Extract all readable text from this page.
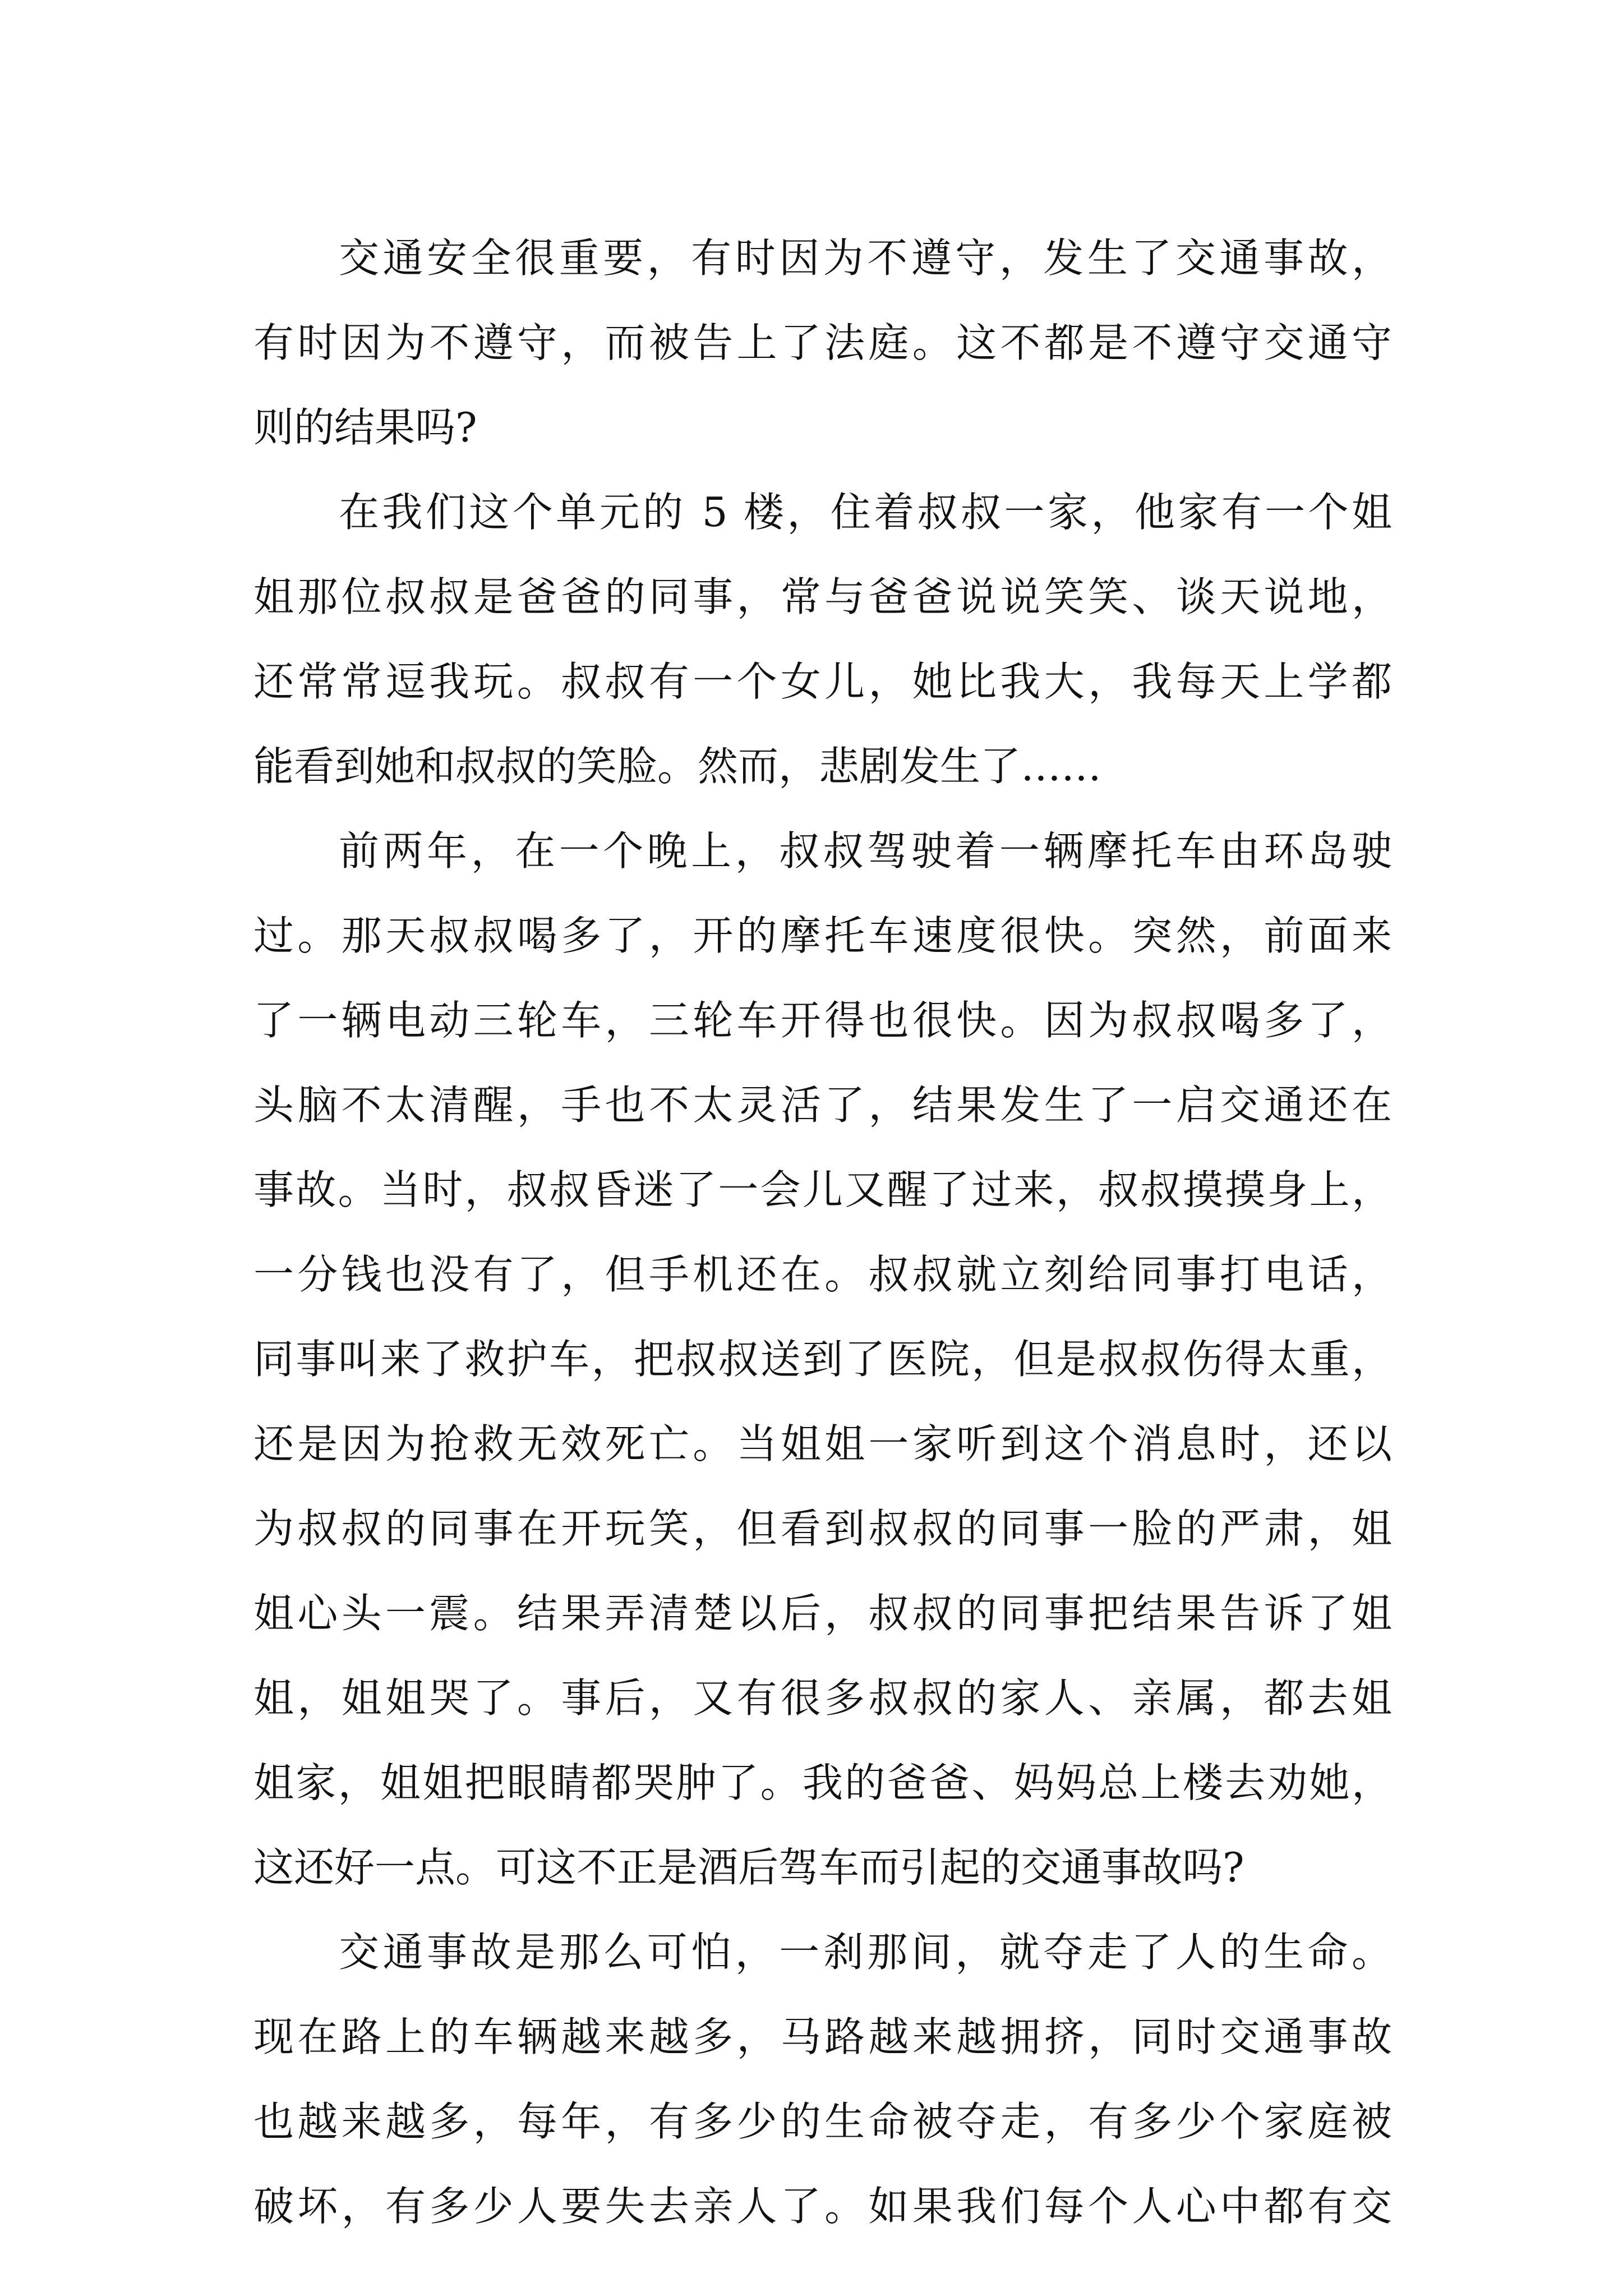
交通安全很重要，有时因为不遵守，发生了交通事故，
有时因为不遵守，而被告上了法庭。这不都是不遵守交通守
则的结果吗?
在我们这个单元的 5 楼，住着叔叔一家，他家有一个姐
姐那位叔叔是爸爸的同事，常与爸爸说说笑笑、谈天说地，
还常常逗我玩。叔叔有一个女儿，她比我大，我每天上学都
能看到她和叔叔的笑脸。然而，悲剧发生了……
前两年，在一个晚上，叔叔驾驶着一辆摩托车由环岛驶
过。那天叔叔喝多了，开的摩托车速度很快。突然，前面来
了一辆电动三轮车，三轮车开得也很快。因为叔叔喝多了，
头脑不太清醒，手也不太灵活了，结果发生了一启交通还在
事故。当时，叔叔昏迷了一会儿又醒了过来，叔叔摸摸身上，
一分钱也没有了，但手机还在。叔叔就立刻给同事打电话，
同事叫来了救护车，把叔叔送到了医院，但是叔叔伤得太重，
还是因为抢救无效死亡。当姐姐一家听到这个消息时，还以
为叔叔的同事在开玩笑，但看到叔叔的同事一脸的严肃，姐
姐心头一震。结果弄清楚以后，叔叔的同事把结果告诉了姐
姐，姐姐哭了。事后，又有很多叔叔的家人、亲属，都去姐
姐家，姐姐把眼睛都哭肿了。我的爸爸、妈妈总上楼去劝她，
这还好一点。可这不正是酒后驾车而引起的交通事故吗?
交通事故是那么可怕，一刹那间，就夺走了人的生命。
现在路上的车辆越来越多，马路越来越拥挤，同时交通事故
也越来越多，每年，有多少的生命被夺走，有多少个家庭被
破坏，有多少人要失去亲人了。如果我们每个人心中都有交
